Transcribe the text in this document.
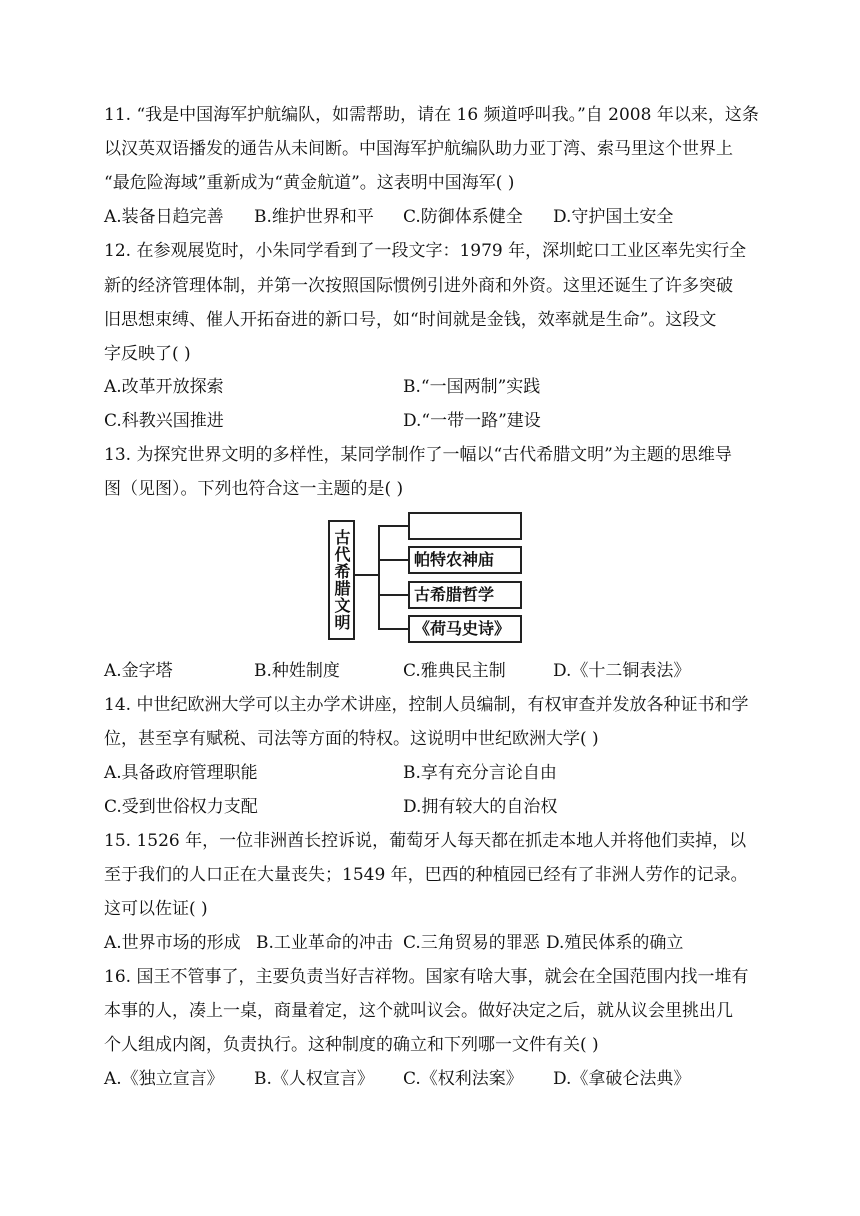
11. “我是中国海军护航编队，如需帮助，请在 16 频道呼叫我。”自 2008 年以来，这条
以汉英双语播发的通告从未间断。中国海军护航编队助力亚丁湾、索马里这个世界上
“最危险海域”重新成为“黄金航道”。这表明中国海军( )
A.装备日趋完善 B.维护世界和平 C.防御体系健全 D.守护国土安全
12. 在参观展览时，小朱同学看到了一段文字：1979 年，深圳蛇口工业区率先实行全
新的经济管理体制，并第一次按照国际惯例引进外商和外资。这里还诞生了许多突破
旧思想束缚、催人开拓奋进的新口号，如“时间就是金钱，效率就是生命”。这段文
字反映了( )
A.改革开放探索	B.“一国两制”实践
C.科教兴国推进	D.“一带一路”建设
13. 为探究世界文明的多样性，某同学制作了一幅以“古代希腊文明”为主题的思维导
图（见图）。下列也符合这一主题的是( )
古代希腊文明	帕特农神庙
古希腊哲学
《荷马史诗》
A.金字塔	B.种姓制度	C.雅典民主制	D.《十二铜表法》
14. 中世纪欧洲大学可以主办学术讲座，控制人员编制，有权审查并发放各种证书和学
位，甚至享有赋税、司法等方面的特权。这说明中世纪欧洲大学( )
A.具备政府管理职能	B.享有充分言论自由
C.受到世俗权力支配	D.拥有较大的自治权
15. 1526 年，一位非洲酋长控诉说，葡萄牙人每天都在抓走本地人并将他们卖掉，以
至于我们的人口正在大量丧失；1549 年，巴西的种植园已经有了非洲人劳作的记录。
这可以佐证( )
A.世界市场的形成 B.工业革命的冲击 C.三角贸易的罪恶 D.殖民体系的确立
16. 国王不管事了，主要负责当好吉祥物。国家有啥大事，就会在全国范围内找一堆有
本事的人，凑上一桌，商量着定，这个就叫议会。做好决定之后，就从议会里挑出几
个人组成内阁，负责执行。这种制度的确立和下列哪一文件有关( )
A.《独立宣言》 B.《人权宣言》 C.《权利法案》 D.《拿破仑法典》
